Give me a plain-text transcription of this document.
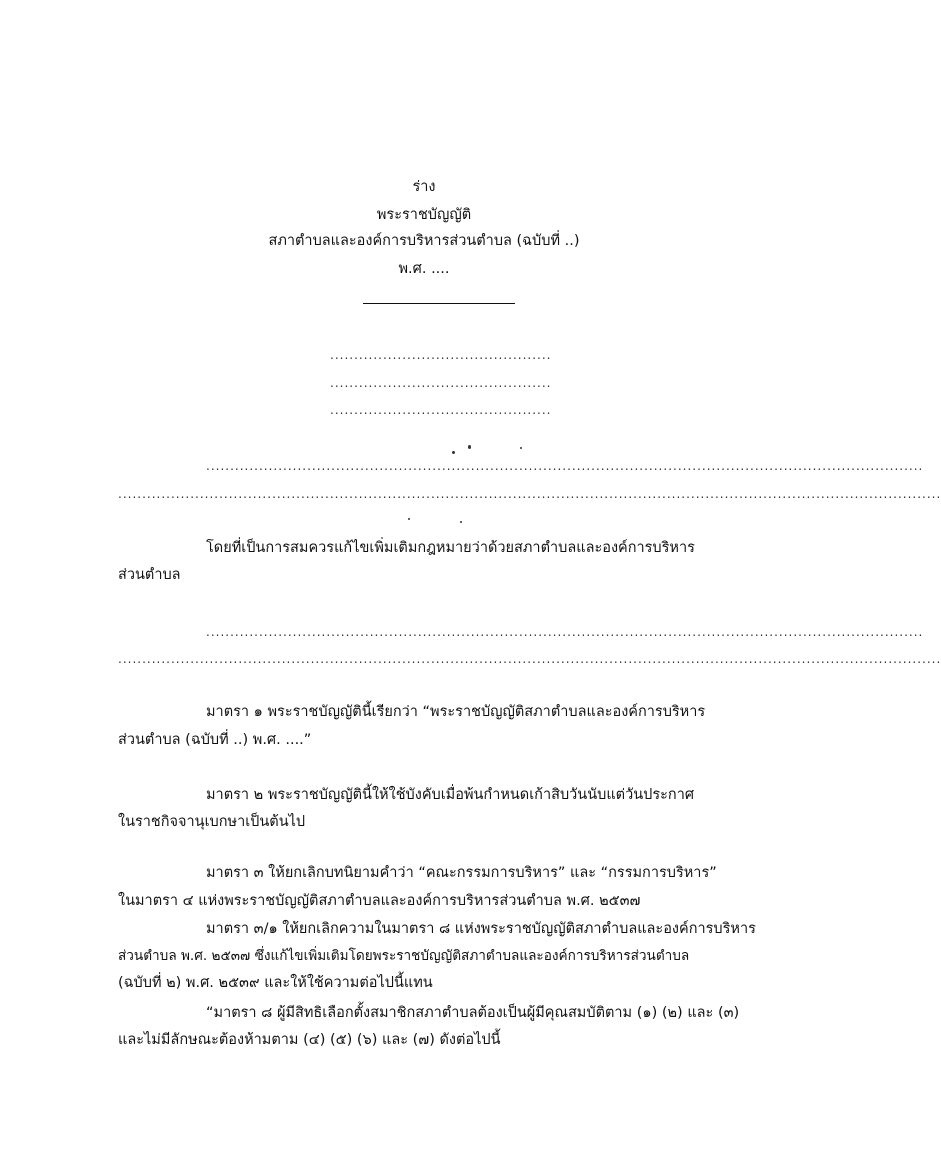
ร่าง
พระราชบัญญัติ
สภาตำบลและองค์การบริหารส่วนตำบล (ฉบับที่ ..)
พ.ศ. ....
..............................................
..............................................
..............................................
.....................................................................................................................................................
...........................................................................................................................................................................
โดยที่เป็นการสมควรแก้ไขเพิ่มเติมกฎหมายว่าด้วยสภาตำบลและองค์การบริหาร
ส่วนตำบล
.....................................................................................................................................................
...........................................................................................................................................................................
มาตรา ๑ พระราชบัญญัตินี้เรียกว่า “พระราชบัญญัติสภาตำบลและองค์การบริหาร
ส่วนตำบล (ฉบับที่ ..) พ.ศ. ....”
มาตรา ๒ พระราชบัญญัตินี้ให้ใช้บังคับเมื่อพ้นกำหนดเก้าสิบวันนับแต่วันประกาศ
ในราชกิจจานุเบกษาเป็นต้นไป
มาตรา ๓ ให้ยกเลิกบทนิยามคำว่า “คณะกรรมการบริหาร” และ “กรรมการบริหาร”
ในมาตรา ๔ แห่งพระราชบัญญัติสภาตำบลและองค์การบริหารส่วนตำบล พ.ศ. ๒๕๓๗
มาตรา ๓/๑ ให้ยกเลิกความในมาตรา ๘ แห่งพระราชบัญญัติสภาตำบลและองค์การบริหาร
ส่วนตำบล พ.ศ. ๒๕๓๗ ซึ่งแก้ไขเพิ่มเติมโดยพระราชบัญญัติสภาตำบลและองค์การบริหารส่วนตำบล
(ฉบับที่ ๒) พ.ศ. ๒๕๓๙ และให้ใช้ความต่อไปนี้แทน
“มาตรา ๘ ผู้มีสิทธิเลือกตั้งสมาชิกสภาตำบลต้องเป็นผู้มีคุณสมบัติตาม (๑) (๒) และ (๓)
และไม่มีลักษณะต้องห้ามตาม (๔) (๕) (๖) และ (๗) ดังต่อไปนี้
